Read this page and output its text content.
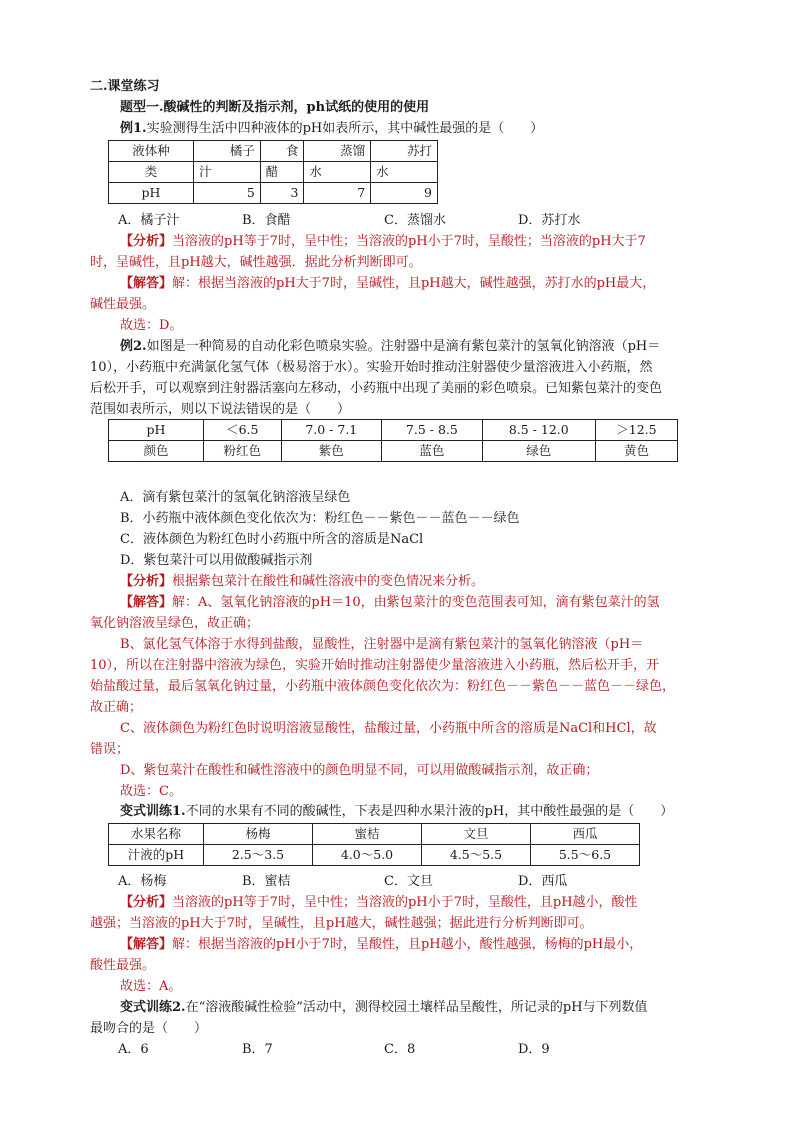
二.课堂练习
题型一.酸碱性的判断及指示剂，ph试纸的使用的使用
例1.实验测得生活中四种液体的pH如表所示，其中碱性最强的是（　　）
液体种	橘子	食	蒸馏	苏打
类	汁	醋	水	水
pH	5	3	7	9
A．橘子汁	B．食醋	C．蒸馏水	D．苏打水
【分析】当溶液的pH等于7时，呈中性；当溶液的pH小于7时，呈酸性；当溶液的pH大于7
时，呈碱性，且pH越大，碱性越强．据此分析判断即可。
【解答】解：根据当溶液的pH大于7时，呈碱性，且pH越大，碱性越强，苏打水的pH最大，
碱性最强。
故选：D。
例2.如图是一种简易的自动化彩色喷泉实验。注射器中是滴有紫包菜汁的氢氧化钠溶液（pH＝
10），小药瓶中充满氯化氢气体（极易溶于水）。实验开始时推动注射器使少量溶液进入小药瓶，然
后松开手，可以观察到注射器活塞向左移动，小药瓶中出现了美丽的彩色喷泉。已知紫包菜汁的变色
范围如表所示，则以下说法错误的是（　　）
pH	＜6.5	7.0 - 7.1	7.5 - 8.5	8.5 - 12.0	＞12.5
颜色	粉红色	紫色	蓝色	绿色	黄色
A．滴有紫包菜汁的氢氧化钠溶液呈绿色
B．小药瓶中液体颜色变化依次为：粉红色－－紫色－－蓝色－－绿色
C．液体颜色为粉红色时小药瓶中所含的溶质是NaCl
D．紫包菜汁可以用做酸碱指示剂
【分析】根据紫包菜汁在酸性和碱性溶液中的变色情况来分析。
【解答】解：A、氢氧化钠溶液的pH＝10，由紫包菜汁的变色范围表可知，滴有紫包菜汁的氢
氧化钠溶液呈绿色，故正确；
B、氯化氢气体溶于水得到盐酸，显酸性，注射器中是滴有紫包菜汁的氢氧化钠溶液（pH＝
10），所以在注射器中溶液为绿色，实验开始时推动注射器使少量溶液进入小药瓶，然后松开手，开
始盐酸过量，最后氢氧化钠过量，小药瓶中液体颜色变化依次为：粉红色－－紫色－－蓝色－－绿色，
故正确；
C、液体颜色为粉红色时说明溶液显酸性，盐酸过量，小药瓶中所含的溶质是NaCl和HCl，故
错误；
D、紫包菜汁在酸性和碱性溶液中的颜色明显不同，可以用做酸碱指示剂，故正确；
故选：C。
变式训练1.不同的水果有不同的酸碱性，下表是四种水果汁液的pH，其中酸性最强的是（　　）
水果名称	杨梅	蜜桔	文旦	西瓜
汁液的pH	2.5～3.5	4.0～5.0	4.5～5.5	5.5～6.5
A．杨梅	B．蜜桔	C．文旦	D．西瓜
【分析】当溶液的pH等于7时，呈中性；当溶液的pH小于7时，呈酸性，且pH越小，酸性
越强；当溶液的pH大于7时，呈碱性，且pH越大，碱性越强；据此进行分析判断即可。
【解答】解：根据当溶液的pH小于7时，呈酸性，且pH越小，酸性越强，杨梅的pH最小，
酸性最强。
故选：A。
变式训练2.在“溶液酸碱性检验”活动中，测得校园土壤样品呈酸性，所记录的pH与下列数值
最吻合的是（　　）
A．6	B．7	C．8	D．9
